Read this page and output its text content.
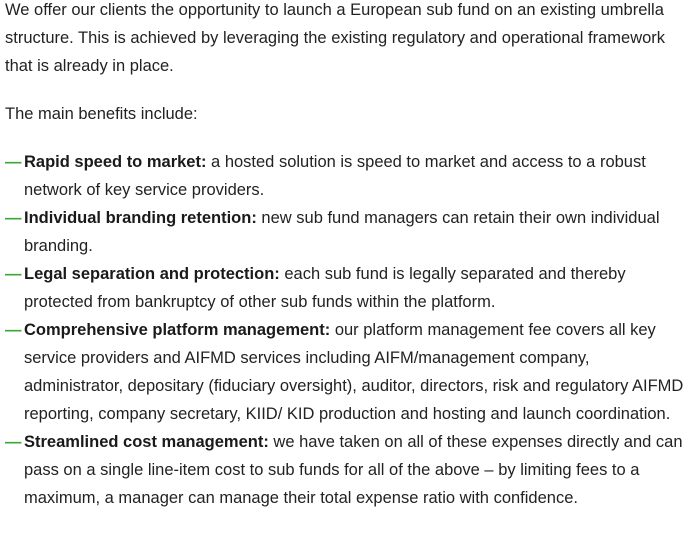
We offer our clients the opportunity to launch a European sub fund on an existing umbrella structure. This is achieved by leveraging the existing regulatory and operational framework that is already in place.

The main benefits include:

— Rapid speed to market: a hosted solution is speed to market and access to a robust network of key service providers.
— Individual branding retention: new sub fund managers can retain their own individual branding.
— Legal separation and protection: each sub fund is legally separated and thereby protected from bankruptcy of other sub funds within the platform.
— Comprehensive platform management: our platform management fee covers all key service providers and AIFMD services including AIFM/management company, administrator, depositary (fiduciary oversight), auditor, directors, risk and regulatory AIFMD reporting, company secretary, KIID/ KID production and hosting and launch coordination.
— Streamlined cost management: we have taken on all of these expenses directly and can pass on a single line-item cost to sub funds for all of the above – by limiting fees to a maximum, a manager can manage their total expense ratio with confidence.
